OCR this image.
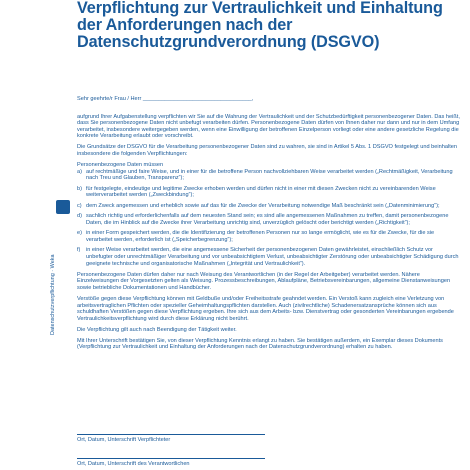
Verpflichtung zur Vertraulichkeit und Einhaltung der Anforderungen nach der Datenschutzgrundverordnung (DSGVO)
Datenschutzverpflichtung · Weka

Sehr geehrte/r Frau / Herr ___________________________________,

aufgrund Ihrer Aufgabenstellung verpflichten wir Sie auf die Wahrung der Vertraulichkeit und der Schutzbedürftigkeit personenbezogener Daten. Das heißt, dass Sie personenbezogene Daten nicht unbefugt verarbeiten dürfen. Personenbezogene Daten dürfen von Ihnen daher nur dann und nur in dem Umfang verarbeitet, insbesondere weitergegeben werden, wenn eine Einwilligung der betroffenen Einzelperson vorliegt oder eine andere gesetzliche Regelung die konkrete Verarbeitung erlaubt oder vorschreibt.

Die Grundsätze der DSGVO für die Verarbeitung personenbezogener Daten sind zu wahren, sie sind in Artikel 5 Abs. 1 DSGVO festgelegt und beinhalten insbesondere die folgenden Verpflichtungen:

Personenbezogene Daten müssen

a) auf rechtmäßige und faire Weise, und in einer für die betroffene Person nachvollziehbaren Weise verarbeitet werden („Rechtmäßigkeit, Verarbeitung nach Treu und Glauben, Transparenz“);
b) für festgelegte, eindeutige und legitime Zwecke erhoben werden und dürfen nicht in einer mit diesen Zwecken nicht zu vereinbarenden Weise weiterverarbeitet werden („Zweckbindung“);
c) dem Zweck angemessen und erheblich sowie auf das für die Zwecke der Verarbeitung notwendige Maß beschränkt sein („Datenminimierung“);
d) sachlich richtig und erforderlichenfalls auf dem neuesten Stand sein; es sind alle angemessenen Maßnahmen zu treffen, damit personenbezogene Daten, die im Hinblick auf die Zwecke ihrer Verarbeitung unrichtig sind, unverzüglich gelöscht oder berichtigt werden („Richtigkeit“);
e) in einer Form gespeichert werden, die die Identifizierung der betroffenen Personen nur so lange ermöglicht, wie es für die Zwecke, für die sie verarbeitet werden, erforderlich ist („Speicherbegrenzung“);
f) in einer Weise verarbeitet werden, die eine angemessene Sicherheit der personenbezogenen Daten gewährleistet, einschließlich Schutz vor unbefugter oder unrechtmäßiger Verarbeitung und vor unbeabsichtigtem Verlust, unbeabsichtigter Zerstörung oder unbeabsichtigter Schädigung durch geeignete technische und organisatorische Maßnahmen („Integrität und Vertraulichkeit“).

Personenbezogene Daten dürfen daher nur nach Weisung des Verantwortlichen (in der Regel der Arbeitgeber) verarbeitet werden. Nähere Einzelweisungen der Vorgesetzten gelten als Weisung. Prozessbeschreibungen, Ablaufpläne, Betriebsvereinbarungen, allgemeine Dienstanweisungen sowie betriebliche Dokumentationen und Handbücher.

Verstöße gegen diese Verpflichtung können mit Geldbuße und/oder Freiheitsstrafe geahndet werden. Ein Verstoß kann zugleich eine Verletzung von arbeitsvertraglichen Pflichten oder spezieller Geheimhaltungspflichten darstellen. Auch (zivilrechtliche) Schadenersatzansprüche können sich aus schuldhaften Verstößen gegen diese Verpflichtung ergeben. Ihre sich aus dem Arbeits- bzw. Dienstvertrag oder gesonderten Vereinbarungen ergebende Vertraulichkeitsverpflichtung wird durch diese Erklärung nicht berührt.

Die Verpflichtung gilt auch nach Beendigung der Tätigkeit weiter.

Mit Ihrer Unterschrift bestätigen Sie, von dieser Verpflichtung Kenntnis erlangt zu haben. Sie bestätigen außerdem, ein Exemplar dieses Dokuments (Verpflichtung zur Vertraulichkeit und Einhaltung der Anforderungen nach der Datenschutzgrundverordnung) erhalten zu haben.

Ort, Datum, Unterschrift Verpflichteter
Ort, Datum, Unterschrift des Verantwortlichen
